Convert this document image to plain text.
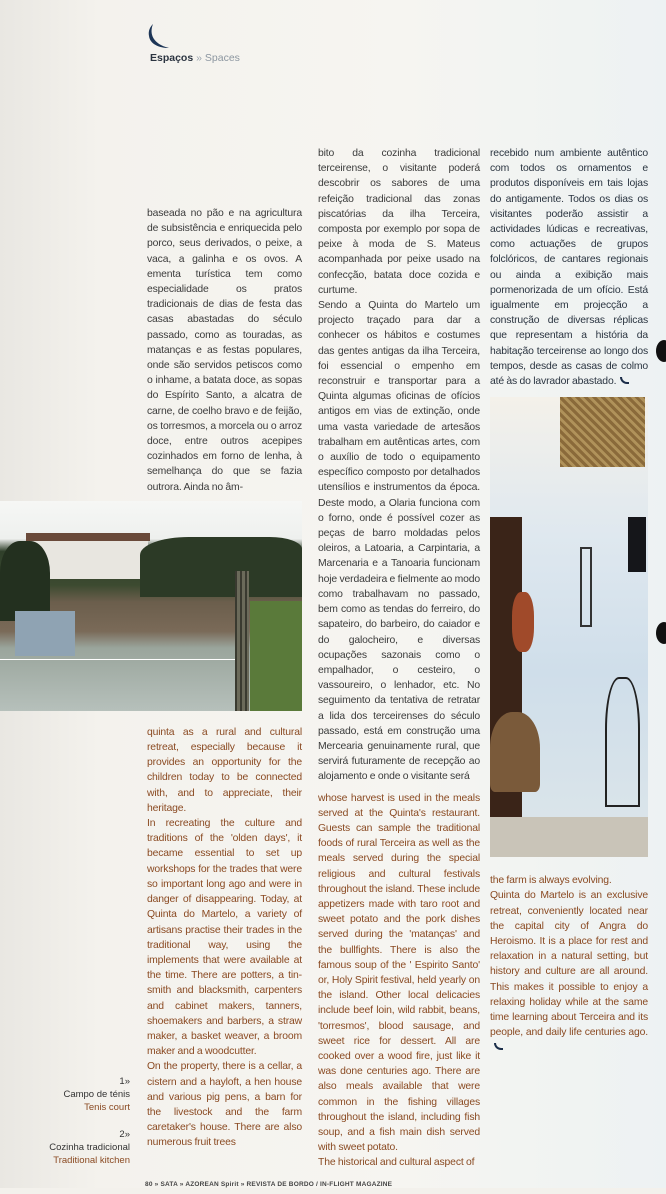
Espaços » Spaces
1»
Campo de ténis
Tenis court
2»
Cozinha tradicional
Traditional kitchen

baseada no pão e na agricultura de subsistência e enriquecida pelo porco, seus derivados, o peixe, a vaca, a galinha e os ovos. A ementa turística tem como especialidade os pratos tradicionais de dias de festa das casas abastadas do século passado, como as touradas, as matanças e as festas populares, onde são servidos petiscos como o inhame, a batata doce, as sopas do Espírito Santo, a alcatra de carne, de coelho bravo e de feijão, os torresmos, a morcela ou o arroz doce, entre outros acepipes cozinhados em forno de lenha, à semelhança do que se fazia outrora. Ainda no âm-

quinta as a rural and cultural retreat, especially because it provides an opportunity for the children today to be connected with, and to appreciate, their heritage.

In recreating the culture and traditions of the 'olden days', it became essential to set up workshops for the trades that were so important long ago and were in danger of disappearing. Today, at Quinta do Martelo, a variety of artisans practise their trades in the traditional way, using the implements that were available at the time. There are potters, a tin-smith and blacksmith, carpenters and cabinet makers, tanners, shoemakers and barbers, a straw maker, a basket weaver, a broom maker and a woodcutter.

On the property, there is a cellar, a cistern and a hayloft, a hen house and various pig pens, a barn for the livestock and the farm caretaker's house. There are also numerous fruit trees

bito da cozinha tradicional terceirense, o visitante poderá descobrir os sabores de uma refeição tradicional das zonas piscatórias da ilha Terceira, composta por exemplo por sopa de peixe à moda de S. Mateus acompanhada por peixe usado na confecção, batata doce cozida e curtume.

Sendo a Quinta do Martelo um projecto traçado para dar a conhecer os hábitos e costumes das gentes antigas da ilha Terceira, foi essencial o empenho em reconstruir e transportar para a Quinta algumas oficinas de ofícios antigos em vias de extinção, onde uma vasta variedade de artesãos trabalham em autênticas artes, com o auxílio de todo o equipamento específico composto por detalhados utensílios e instrumentos da época. Deste modo, a Olaria funciona com o forno, onde é possível cozer as peças de barro moldadas pelos oleiros, a Latoaria, a Carpintaria, a Marcenaria e a Tanoaria funcionam hoje verdadeira e fielmente ao modo como trabalhavam no passado, bem como as tendas do ferreiro, do sapateiro, do barbeiro, do caiador e do galocheiro, e diversas ocupações sazonais como o empalhador, o cesteiro, o vassoureiro, o lenhador, etc. No seguimento da tentativa de retratar a lida dos terceirenses do século passado, está em construção uma Mercearia genuinamente rural, que servirá futuramente de recepção ao alojamento e onde o visitante será

whose harvest is used in the meals served at the Quinta's restaurant. Guests can sample the traditional foods of rural Terceira as well as the meals served during the special religious and cultural festivals throughout the island. These include appetizers made with taro root and sweet potato and the pork dishes served during the 'matanças' and the bullfights. There is also the famous soup of the ' Espirito Santo' or, Holy Spirit festival, held yearly on the island. Other local delicacies include beef loin, wild rabbit, beans, 'torresmos', blood sausage, and sweet rice for dessert. All are cooked over a wood fire, just like it was done centuries ago. There are also meals available that were common in the fishing villages throughout the island, including fish soup, and a fish main dish served with sweet potato.

The historical and cultural aspect of

recebido num ambiente autêntico com todos os ornamentos e produtos disponíveis em tais lojas do antigamente. Todos os dias os visitantes poderão assistir a actividades lúdicas e recreativas, como actuações de grupos folclóricos, de cantares regionais ou ainda a exibição mais pormenorizada de um ofício. Está igualmente em projecção a construção de diversas réplicas que representam a história da habitação terceirense ao longo dos tempos, desde as casas de colmo até às do lavrador abastado.

the farm is always evolving.

Quinta do Martelo is an exclusive retreat, conveniently located near the capital city of Angra do Heroismo. It is a place for rest and relaxation in a natural setting, but history and culture are all around. This makes it possible to enjoy a relaxing holiday while at the same time learning about Terceira and its people, and daily life centuries ago.

80 » SATA » AZOREAN Spirit » REVISTA DE BORDO / IN-FLIGHT MAGAZINE
